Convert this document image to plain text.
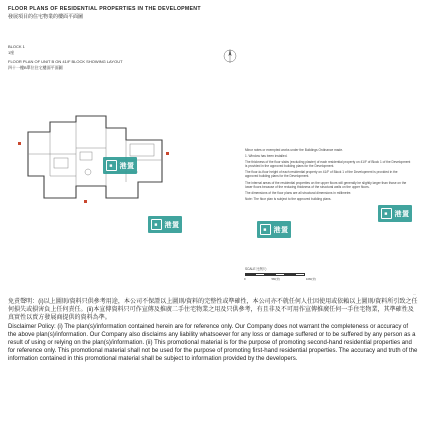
FLOOR PLANS OF RESIDENTIAL PROPERTIES IN THE DEVELOPMENT
發展項目的住宅物業的樓面平面圖
BLOCK 1
1座
FLOOR PLAN OF UNIT B ON 41/F BLOCK SHOWING LAYOUT
四十一樓B單位住宅樓面平面圖
■ 港置
■ 港置
■ 港置
■ 港置

Minor notes or exempted works under the Buildings Ordinance made.

1. Window has been installed.

The thickness of the floor slabs (excluding plaster) of each residential property on 41/F of Block 1 of the Development is provided in the approved building plans for the Development.

The floor-to-floor height of each residential property on 41/F of Block 1 of the Development is provided in the approved building plans for the Development.

The internal areas of the residential properties on the upper floors will generally be slightly larger than those on the lower floors because of the reducing thickness of the structural walls on the upper floors.

The dimensions of the floor plans are all structural dimensions in millimetre.

Note: The floor plan is subject to the approved building plans.

SCALE 比例尺：
0	5M(米)	10M(米)
—

免責聲明：(i)以上圖則/資料只供參考用途，本公司不保證以上圖則/資料的完整性或準確性，本公司亦不就任何人仕因使用或依賴以上圖則/資料所引致之任何損失或損害負上任何責任。(ii)本宣傳資料只可作宣傳及推廣二手住宅物業之用及只供參考，有且非及不可用作宣傳推廣任何一手住宅物業，其準確性及真實性以賣方發展商提供的資料為準。

Disclaimer Policy: (i) The plan(s)/information contained herein are for reference only. Our Company does not warrant the completeness or accuracy of the above plan(s)/information. Our Company also disclaims any liability whatsoever for any loss or damage suffered or to be suffered by any person as a result of using or relying on the plan(s)/information. (ii) This promotional material is for the purpose of promoting second-hand residential properties and for reference only. This promotional material shall not be used for the purpose of promoting first-hand residential properties. The accuracy and truth of the information contained in this promotional material shall be subject to information provided by the developers.
